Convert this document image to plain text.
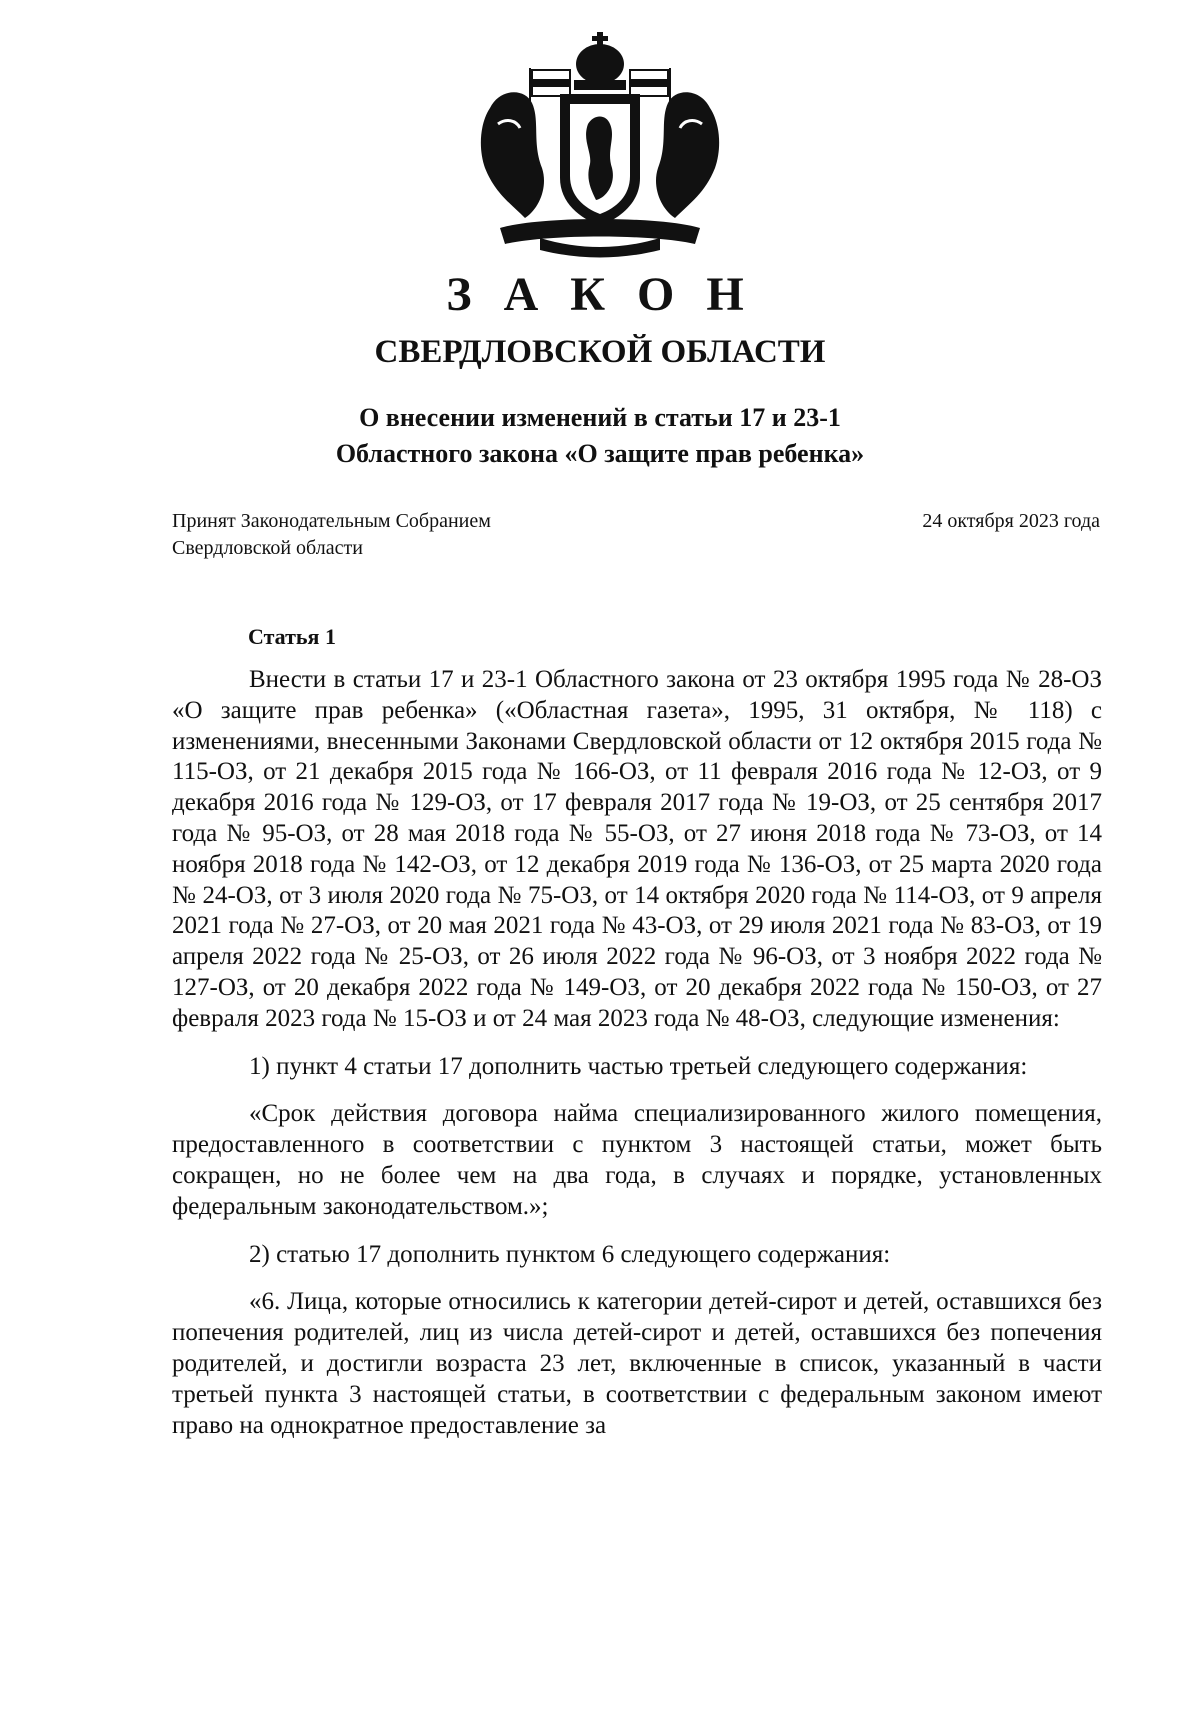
З А К О Н
СВЕРДЛОВСКОЙ ОБЛАСТИ
О внесении изменений в статьи 17 и 23-1
Областного закона «О защите прав ребенка»
Принят Законодательным Собранием
Свердловской области
24 октября 2023 года
Статья 1

Внести в статьи 17 и 23-1 Областного закона от 23 октября 1995 года № 28-ОЗ «О защите прав ребенка» («Областная газета», 1995, 31 октября, № 118) с изменениями, внесенными Законами Свердловской области от 12 октября 2015 года № 115-ОЗ, от 21 декабря 2015 года № 166-ОЗ, от 11 февраля 2016 года № 12-ОЗ, от 9 декабря 2016 года № 129-ОЗ, от 17 февраля 2017 года № 19-ОЗ, от 25 сентября 2017 года № 95-ОЗ, от 28 мая 2018 года № 55-ОЗ, от 27 июня 2018 года № 73-ОЗ, от 14 ноября 2018 года № 142-ОЗ, от 12 декабря 2019 года № 136-ОЗ, от 25 марта 2020 года № 24-ОЗ, от 3 июля 2020 года № 75-ОЗ, от 14 октября 2020 года № 114-ОЗ, от 9 апреля 2021 года № 27-ОЗ, от 20 мая 2021 года № 43-ОЗ, от 29 июля 2021 года № 83-ОЗ, от 19 апреля 2022 года № 25-ОЗ, от 26 июля 2022 года № 96-ОЗ, от 3 ноября 2022 года № 127-ОЗ, от 20 декабря 2022 года № 149-ОЗ, от 20 декабря 2022 года № 150-ОЗ, от 27 февраля 2023 года № 15-ОЗ и от 24 мая 2023 года № 48-ОЗ, следующие изменения:

1) пункт 4 статьи 17 дополнить частью третьей следующего содержания:

«Срок действия договора найма специализированного жилого помещения, предоставленного в соответствии с пунктом 3 настоящей статьи, может быть сокращен, но не более чем на два года, в случаях и порядке, установленных федеральным законодательством.»;

2) статью 17 дополнить пунктом 6 следующего содержания:

«6. Лица, которые относились к категории детей-сирот и детей, оставшихся без попечения родителей, лиц из числа детей-сирот и детей, оставшихся без попечения родителей, и достигли возраста 23 лет, включенные в список, указанный в части третьей пункта 3 настоящей статьи, в соответствии с федеральным законом имеют право на однократное предоставление за
